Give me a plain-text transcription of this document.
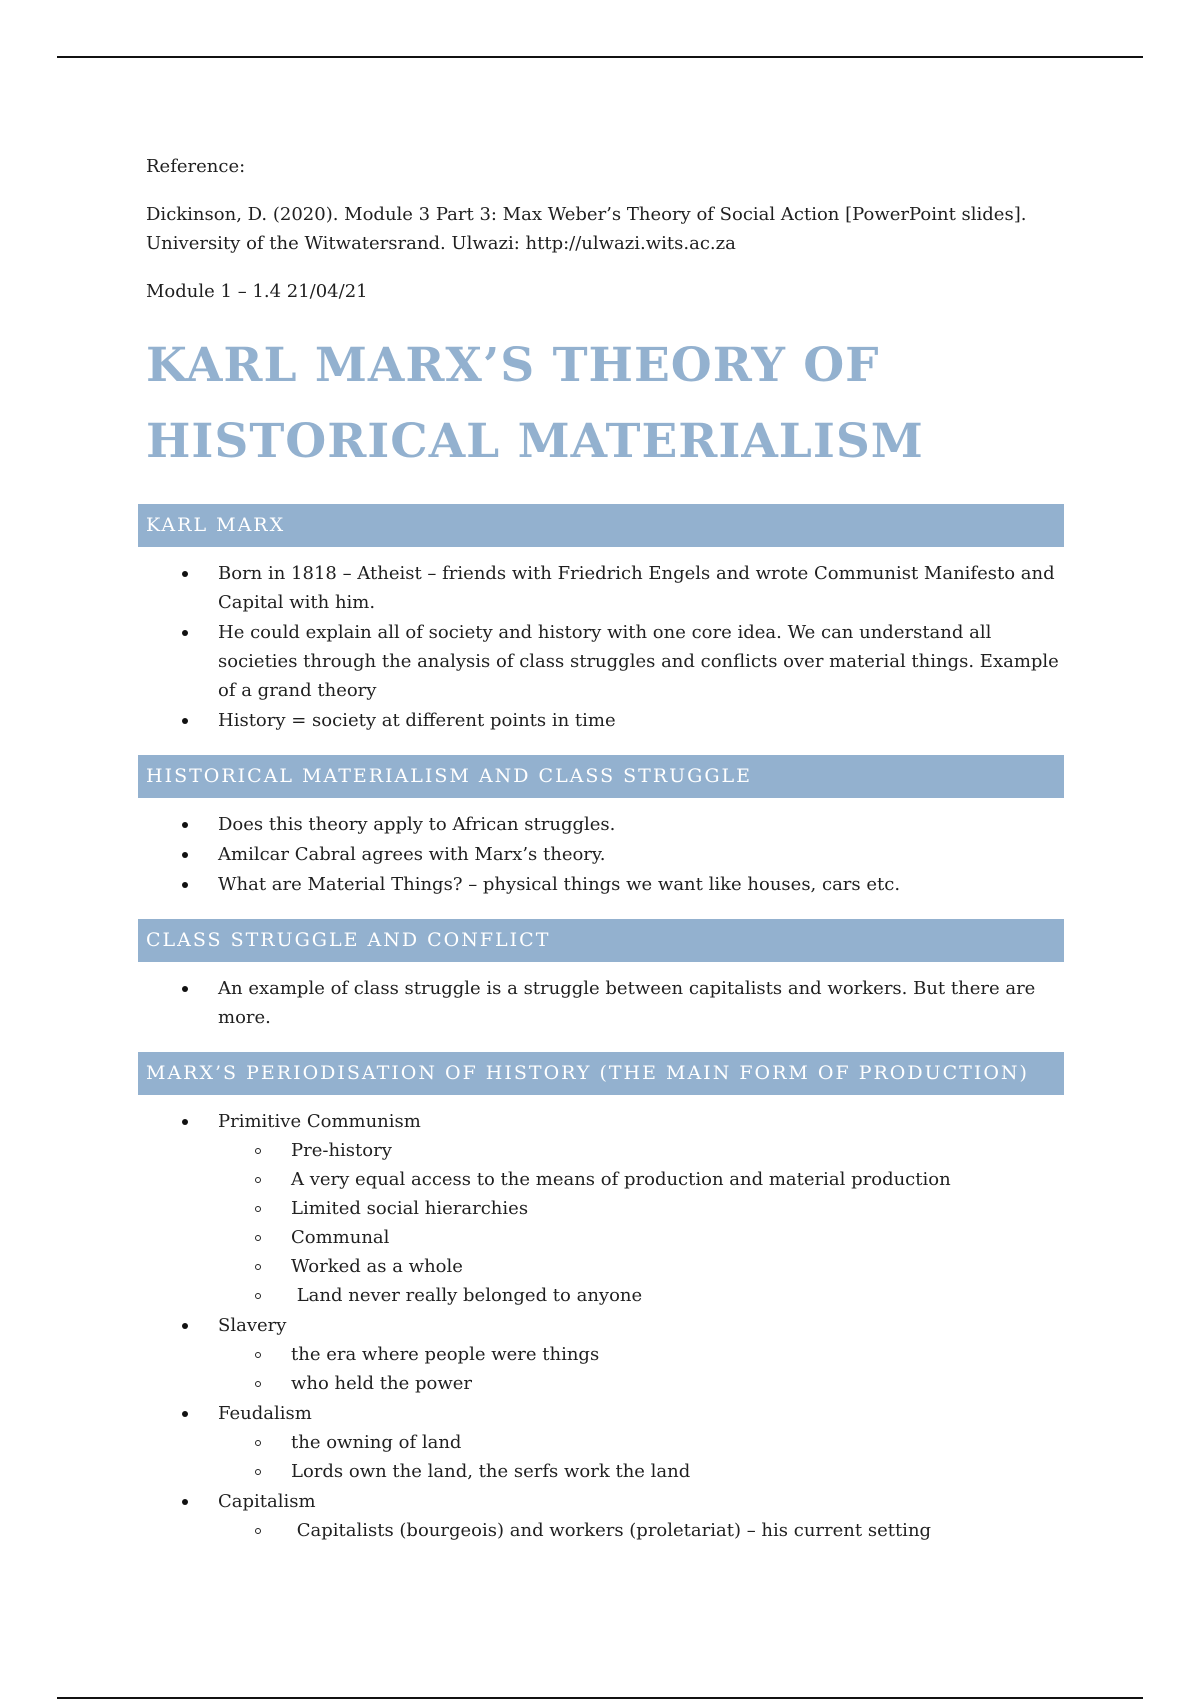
Reference:

Dickinson, D. (2020). Module 3 Part 3: Max Weber’s Theory of Social Action [PowerPoint slides].

University of the Witwatersrand. Ulwazi: http://ulwazi.wits.ac.za

Module 1 – 1.4 21/04/21

KARL MARX’S THEORY OF
HISTORICAL MATERIALISM
KARL MARX
Born in 1818 – Atheist – friends with Friedrich Engels and wrote Communist Manifesto and Capital with him.
He could explain all of society and history with one core idea. We can understand all societies through the analysis of class struggles and conflicts over material things. Example of a grand theory
History = society at different points in time
HISTORICAL MATERIALISM AND CLASS STRUGGLE
Does this theory apply to African struggles.
Amilcar Cabral agrees with Marx’s theory.
What are Material Things? – physical things we want like houses, cars etc.
CLASS STRUGGLE AND CONFLICT
An example of class struggle is a struggle between capitalists and workers. But there are more.
MARX’S PERIODISATION OF HISTORY (THE MAIN FORM OF PRODUCTION)
Primitive Communism
Pre-history
A very equal access to the means of production and material production
Limited social hierarchies
Communal
Worked as a whole
Land never really belonged to anyone
Slavery
the era where people were things
who held the power
Feudalism
the owning of land
Lords own the land, the serfs work the land
Capitalism
Capitalists (bourgeois) and workers (proletariat) – his current setting
